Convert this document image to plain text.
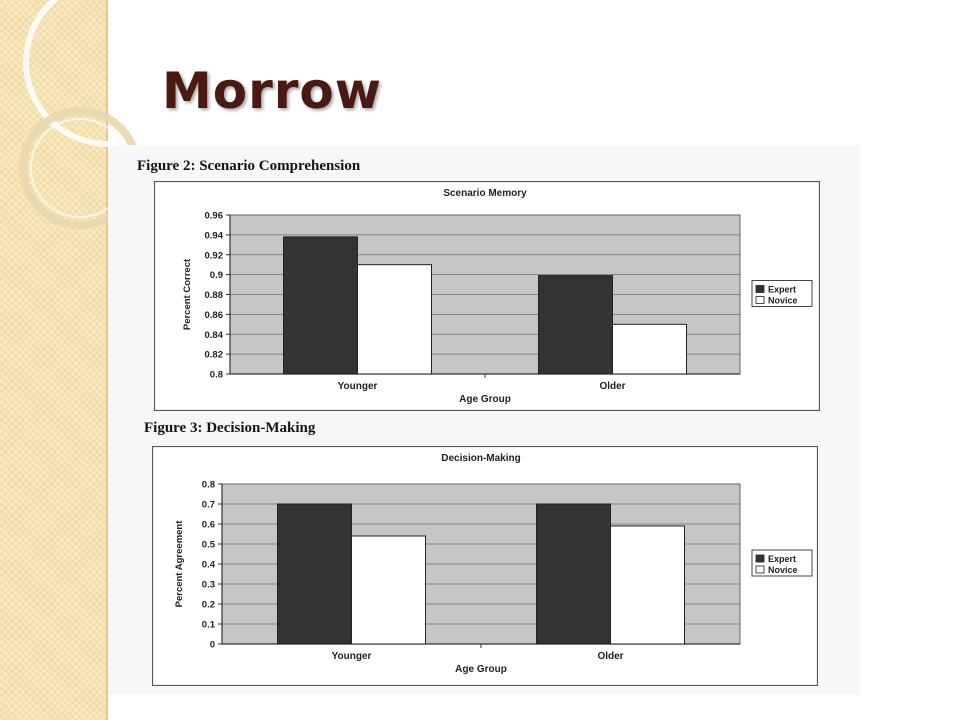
Morrow

Figure 2: Scenario Comprehension

Scenario Memory
0.96
0.94
0.92
0.9
0.88
0.86
0.84
0.82
0.8
Younger	Older
Age Group
Percent Correct	Expert
Novice

Figure 3: Decision-Making

Decision-Making
0.8
0.7
0.6
0.5
0.4
0.3
0.2
0.1
0
Younger	Older
Age Group
Percent Agreement	Expert
Novice
